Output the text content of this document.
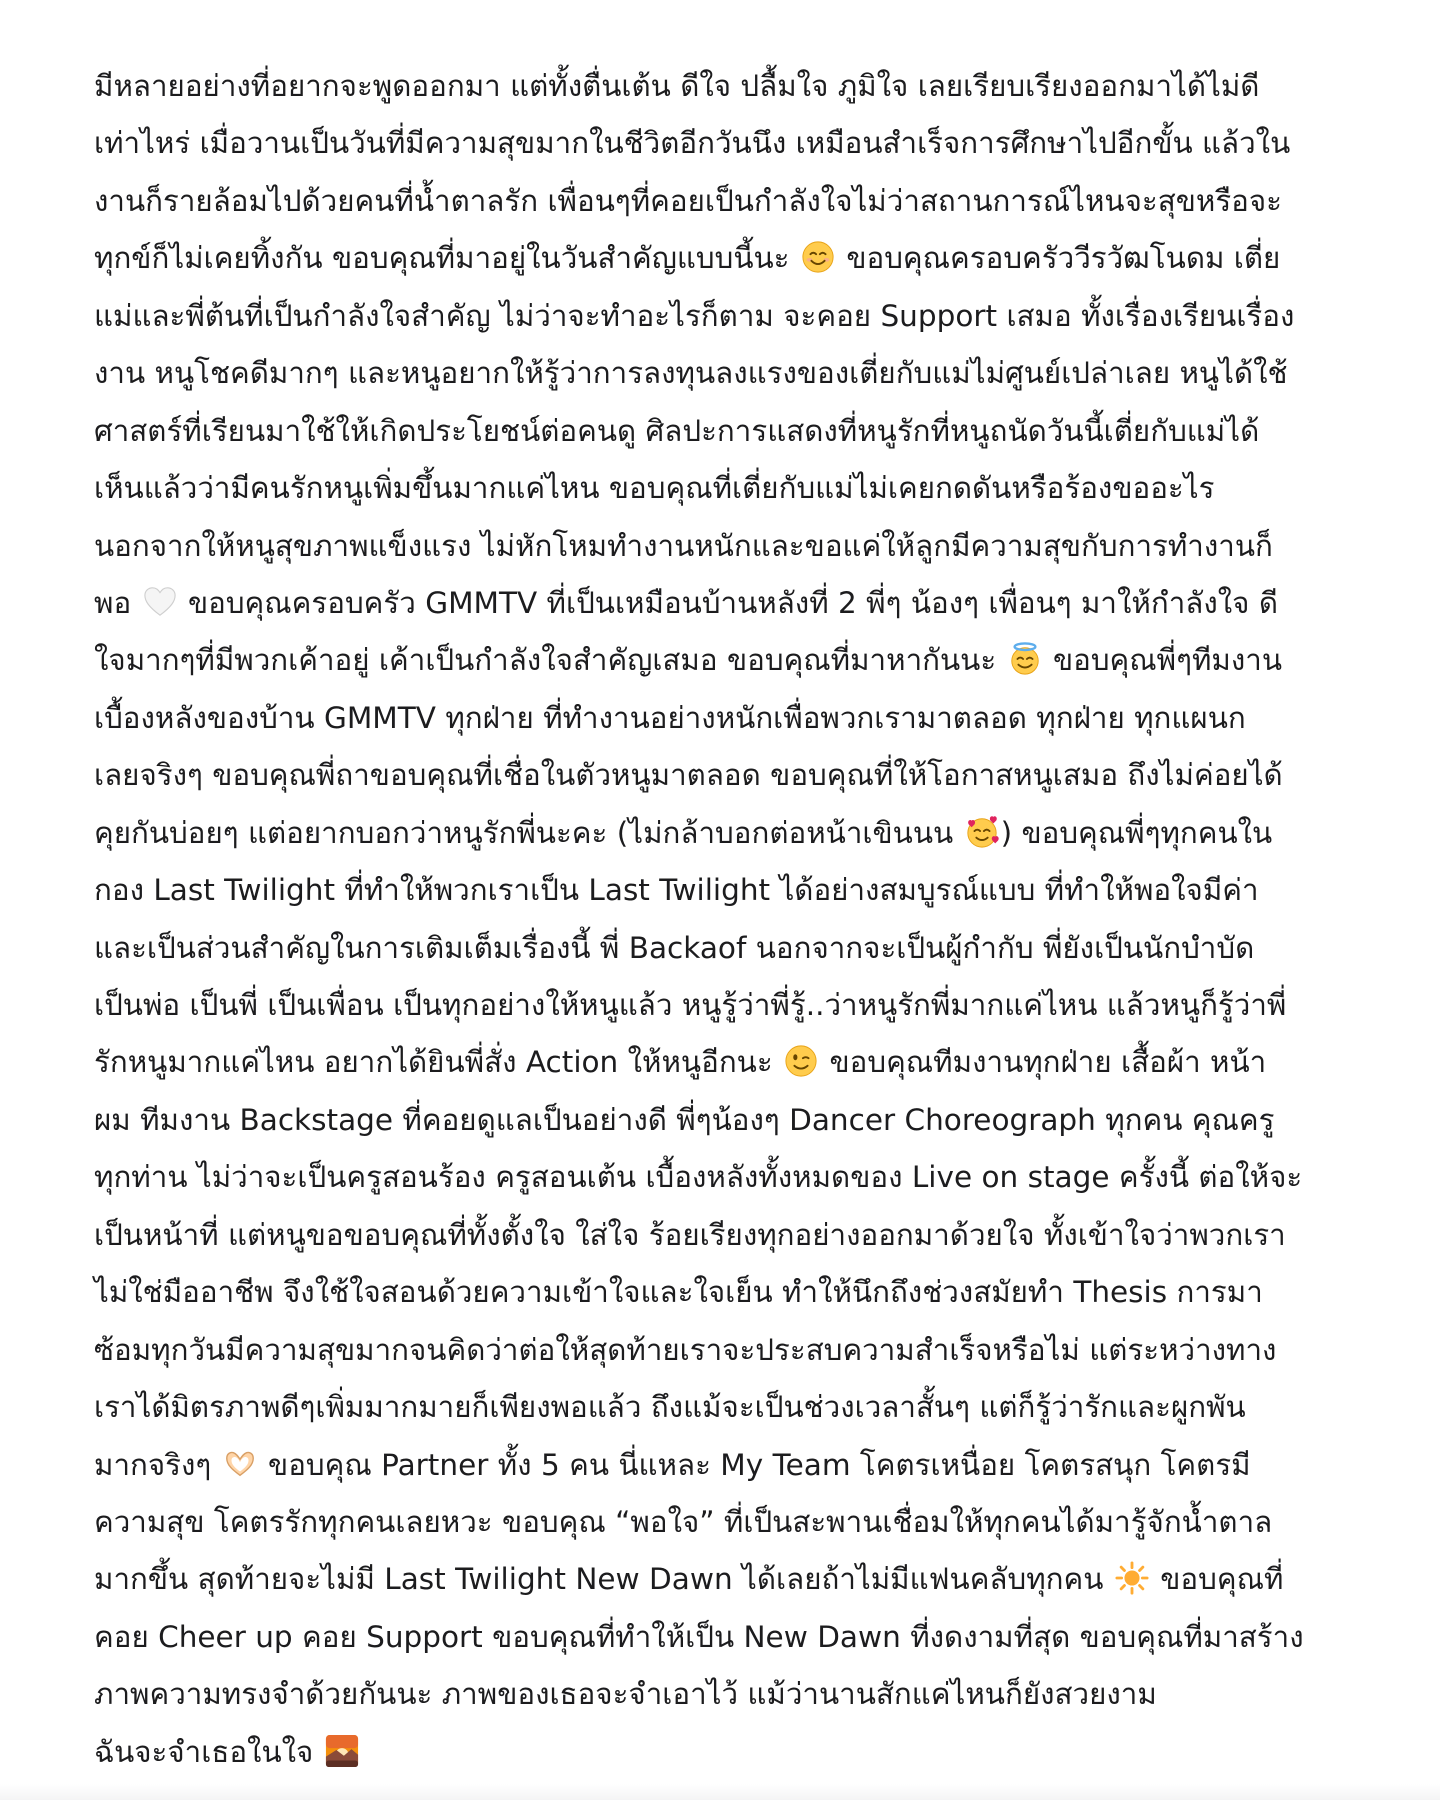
มีหลายอย่างที่อยากจะพูดออกมา แต่ทั้งตื่นเต้น ดีใจ ปลื้มใจ ภูมิใจ เลยเรียบเรียงออกมาได้ไม่ดี
เท่าไหร่ เมื่อวานเป็นวันที่มีความสุขมากในชีวิตอีกวันนึง เหมือนสำเร็จการศึกษาไปอีกขั้น แล้วใน
งานก็รายล้อมไปด้วยคนที่น้ำตาลรัก เพื่อนๆที่คอยเป็นกำลังใจไม่ว่าสถานการณ์ไหนจะสุขหรือจะ
ทุกข์ก็ไม่เคยทิ้งกัน ขอบคุณที่มาอยู่ในวันสำคัญแบบนี้นะ ขอบคุณครอบครัววีรวัฒโนดม เตี่ย
แม่และพี่ต้นที่เป็นกำลังใจสำคัญ ไม่ว่าจะทำอะไรก็ตาม จะคอย Support เสมอ ทั้งเรื่องเรียนเรื่อง
งาน หนูโชคดีมากๆ และหนูอยากให้รู้ว่าการลงทุนลงแรงของเตี่ยกับแม่ไม่ศูนย์เปล่าเลย หนูได้ใช้
ศาสตร์ที่เรียนมาใช้ให้เกิดประโยชน์ต่อคนดู ศิลปะการแสดงที่หนูรักที่หนูถนัดวันนี้เตี่ยกับแม่ได้
เห็นแล้วว่ามีคนรักหนูเพิ่มขึ้นมากแค่ไหน ขอบคุณที่เตี่ยกับแม่ไม่เคยกดดันหรือร้องขออะไร
นอกจากให้หนูสุขภาพแข็งแรง ไม่หักโหมทำงานหนักและขอแค่ให้ลูกมีความสุขกับการทำงานก็
พอ ขอบคุณครอบครัว GMMTV ที่เป็นเหมือนบ้านหลังที่ 2 พี่ๆ น้องๆ เพื่อนๆ มาให้กำลังใจ ดี
ใจมากๆที่มีพวกเค้าอยู่ เค้าเป็นกำลังใจสำคัญเสมอ ขอบคุณที่มาหากันนะ ขอบคุณพี่ๆทีมงาน
เบื้องหลังของบ้าน GMMTV ทุกฝ่าย ที่ทำงานอย่างหนักเพื่อพวกเรามาตลอด ทุกฝ่าย ทุกแผนก
เลยจริงๆ ขอบคุณพี่ถาขอบคุณที่เชื่อในตัวหนูมาตลอด ขอบคุณที่ให้โอกาสหนูเสมอ ถึงไม่ค่อยได้
คุยกันบ่อยๆ แต่อยากบอกว่าหนูรักพี่นะคะ (ไม่กล้าบอกต่อหน้าเขินนน ) ขอบคุณพี่ๆทุกคนใน
กอง Last Twilight ที่ทำให้พวกเราเป็น Last Twilight ได้อย่างสมบูรณ์แบบ ที่ทำให้พอใจมีค่า
และเป็นส่วนสำคัญในการเติมเต็มเรื่องนี้ พี่ Backaof นอกจากจะเป็นผู้กำกับ พี่ยังเป็นนักบำบัด
เป็นพ่อ เป็นพี่ เป็นเพื่อน เป็นทุกอย่างให้หนูแล้ว หนูรู้ว่าพี่รู้..ว่าหนูรักพี่มากแค่ไหน แล้วหนูก็รู้ว่าพี่
รักหนูมากแค่ไหน อยากได้ยินพี่สั่ง Action ให้หนูอีกนะ ขอบคุณทีมงานทุกฝ่าย เสื้อผ้า หน้า
ผม ทีมงาน Backstage ที่คอยดูแลเป็นอย่างดี พี่ๆน้องๆ Dancer Choreograph ทุกคน คุณครู
ทุกท่าน ไม่ว่าจะเป็นครูสอนร้อง ครูสอนเต้น เบื้องหลังทั้งหมดของ Live on stage ครั้งนี้ ต่อให้จะ
เป็นหน้าที่ แต่หนูขอขอบคุณที่ทั้งตั้งใจ ใส่ใจ ร้อยเรียงทุกอย่างออกมาด้วยใจ ทั้งเข้าใจว่าพวกเรา
ไม่ใช่มืออาชีพ จึงใช้ใจสอนด้วยความเข้าใจและใจเย็น ทำให้นึกถึงช่วงสมัยทำ Thesis การมา
ซ้อมทุกวันมีความสุขมากจนคิดว่าต่อให้สุดท้ายเราจะประสบความสำเร็จหรือไม่ แต่ระหว่างทาง
เราได้มิตรภาพดีๆเพิ่มมากมายก็เพียงพอแล้ว ถึงแม้จะเป็นช่วงเวลาสั้นๆ แต่ก็รู้ว่ารักและผูกพัน
มากจริงๆ ขอบคุณ Partner ทั้ง 5 คน นี่แหละ My Team โคตรเหนื่อย โคตรสนุก โคตรมี
ความสุข โคตรรักทุกคนเลยหวะ ขอบคุณ “พอใจ” ที่เป็นสะพานเชื่อมให้ทุกคนได้มารู้จักน้ำตาล
มากขึ้น สุดท้ายจะไม่มี Last Twilight New Dawn ได้เลยถ้าไม่มีแฟนคลับทุกคน ขอบคุณที่
คอย Cheer up คอย Support ขอบคุณที่ทำให้เป็น New Dawn ที่งดงามที่สุด ขอบคุณที่มาสร้าง
ภาพความทรงจำด้วยกันนะ ภาพของเธอจะจำเอาไว้ แม้ว่านานสักแค่ไหนก็ยังสวยงาม
ฉันจะจำเธอในใจ
